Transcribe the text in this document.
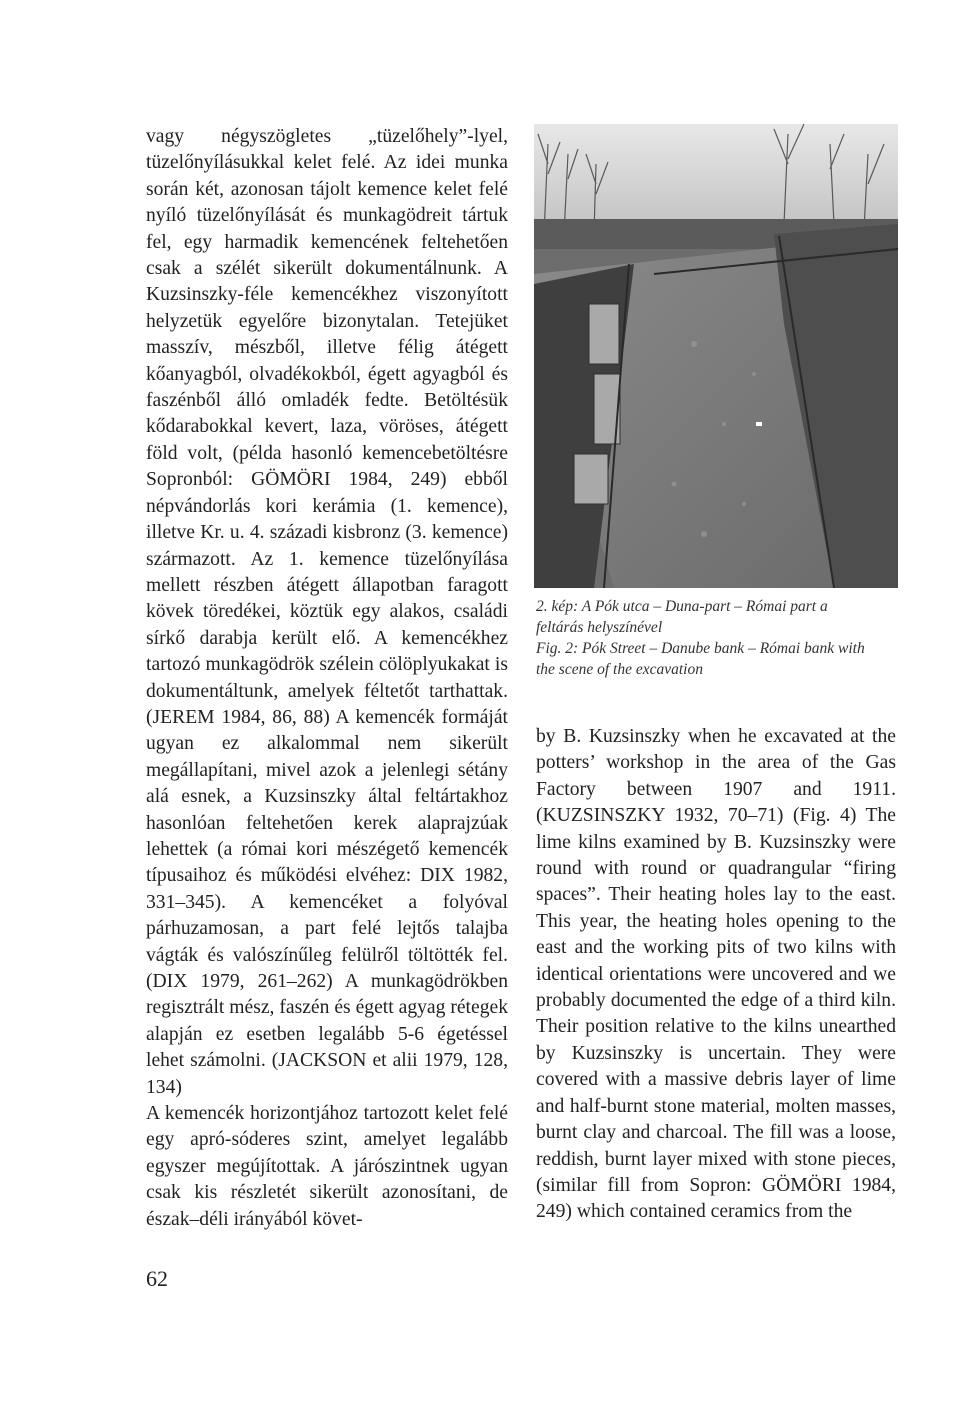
vagy négyszögletes „tüzelőhely”-lyel, tüzelőnyílásukkal kelet felé. Az idei munka során két, azonosan tájolt kemence kelet felé nyíló tüzelőnyílását és munkagödreit tártuk fel, egy harmadik kemencének feltehetően csak a szélét sikerült dokumentálnunk. A Kuzsinszky-féle kemencékhez viszonyított helyzetük egyelőre bizonytalan. Tetejüket masszív, mészből, illetve félig átégett kőanyagból, olvadékokból, égett agyagból és faszénből álló omladék fedte. Betöltésük kődarabokkal kevert, laza, vöröses, átégett föld volt, (példa hasonló kemencebetöltésre Sopronból: GÖMÖRI 1984, 249) ebből népvándorlás kori kerámia (1. kemence), illetve Kr. u. 4. századi kisbronz (3. kemence) származott. Az 1. kemence tüzelőnyílása mellett részben átégett állapotban faragott kövek töredékei, köztük egy alakos, családi sírkő darabja került elő. A kemencékhez tartozó munkagödrök szélein cölöplyukakat is dokumentáltunk, amelyek féltetőt tarthattak. (JEREM 1984, 86, 88) A kemencék formáját ugyan ez alkalommal nem sikerült megállapítani, mivel azok a jelenlegi sétány alá esnek, a Kuzsinszky által feltártakhoz hasonlóan feltehetően kerek alaprajzúak lehettek (a római kori mészégető kemencék típusaihoz és működési elvéhez: DIX 1982, 331–345). A kemencéket a folyóval párhuzamosan, a part felé lejtős talajba vágták és valószínűleg felülről töltötték fel. (DIX 1979, 261–262) A munkagödrökben regisztrált mész, faszén és égett agyag rétegek alapján ez esetben legalább 5-6 égetéssel lehet számolni. (JACKSON et alii 1979, 128, 134)

A kemencék horizontjához tartozott kelet felé egy apró-sóderes szint, amelyet legalább egyszer megújítottak. A járószintnek ugyan csak kis részletét sikerült azonosítani, de észak–déli irányából követ-

2. kép: A Pók utca – Duna-part – Római part a
feltárás helyszínével
Fig. 2: Pók Street – Danube bank – Római bank with
the scene of the excavation

by B. Kuzsinszky when he excavated at the potters’ workshop in the area of the Gas Factory between 1907 and 1911. (KUZSINSZKY 1932, 70–71) (Fig. 4) The lime kilns examined by B. Kuzsinszky were round with round or quadrangular “firing spaces”. Their heating holes lay to the east. This year, the heating holes opening to the east and the working pits of two kilns with identical orientations were uncovered and we probably documented the edge of a third kiln. Their position relative to the kilns unearthed by Kuzsinszky is uncertain. They were covered with a massive debris layer of lime and half-burnt stone material, molten masses, burnt clay and charcoal. The fill was a loose, reddish, burnt layer mixed with stone pieces, (similar fill from Sopron: GÖMÖRI 1984, 249) which contained ceramics from the

62
